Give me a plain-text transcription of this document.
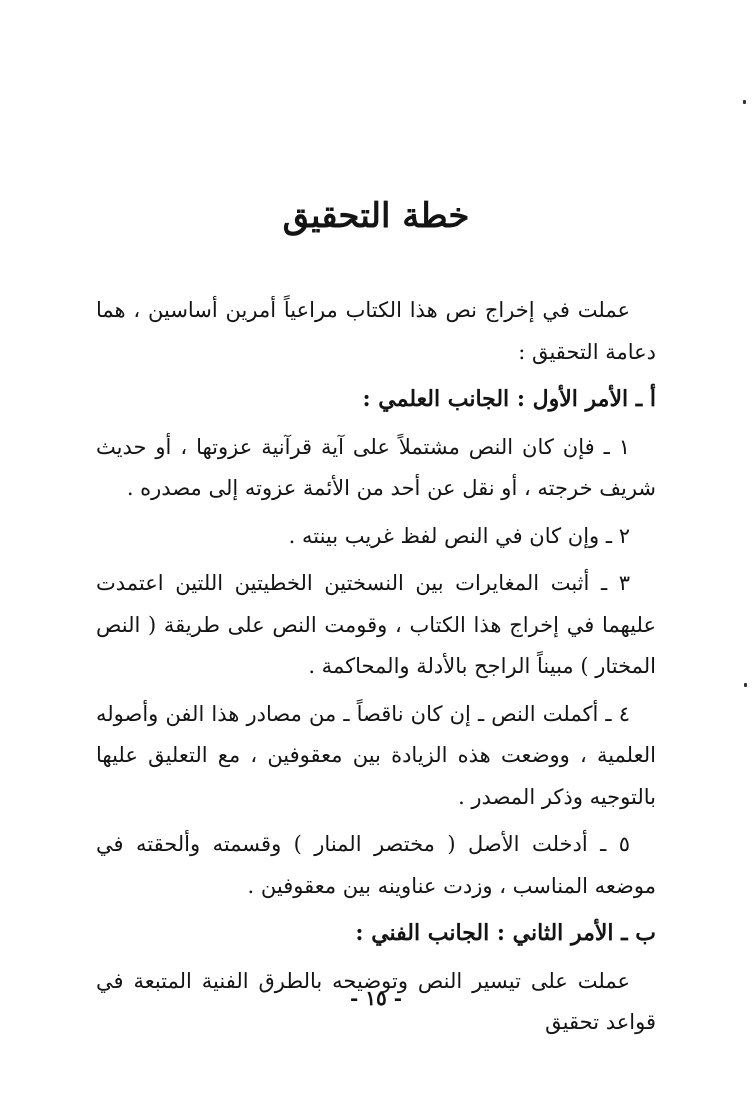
خطة التحقيق

عملت في إخراج نص هذا الكتاب مراعياً أمرين أساسين ، هما دعامة التحقيق :

أ ـ الأمر الأول : الجانب العلمي :

١ ـ فإن كان النص مشتملاً على آية قرآنية عزوتها ، أو حديث شريف خرجته ، أو نقل عن أحد من الأئمة عزوته إلى مصدره .

٢ ـ وإن كان في النص لفظ غريب بينته .

٣ ـ أثبت المغايرات بين النسختين الخطيتين اللتين اعتمدت عليهما في إخراج هذا الكتاب ، وقومت النص على طريقة ( النص المختار ) مبيناً الراجح بالأدلة والمحاكمة .

٤ ـ أكملت النص ـ إن كان ناقصاً ـ من مصادر هذا الفن وأصوله العلمية ، ووضعت هذه الزيادة بين معقوفين ، مع التعليق عليها بالتوجيه وذكر المصدر .

٥ ـ أدخلت الأصل ( مختصر المنار ) وقسمته وألحقته في موضعه المناسب ، وزدت عناوينه بين معقوفين .

ب ـ الأمر الثاني : الجانب الفني :

عملت على تيسير النص وتوضيحه بالطرق الفنية المتبعة في قواعد تحقيق

- ١٥ -
